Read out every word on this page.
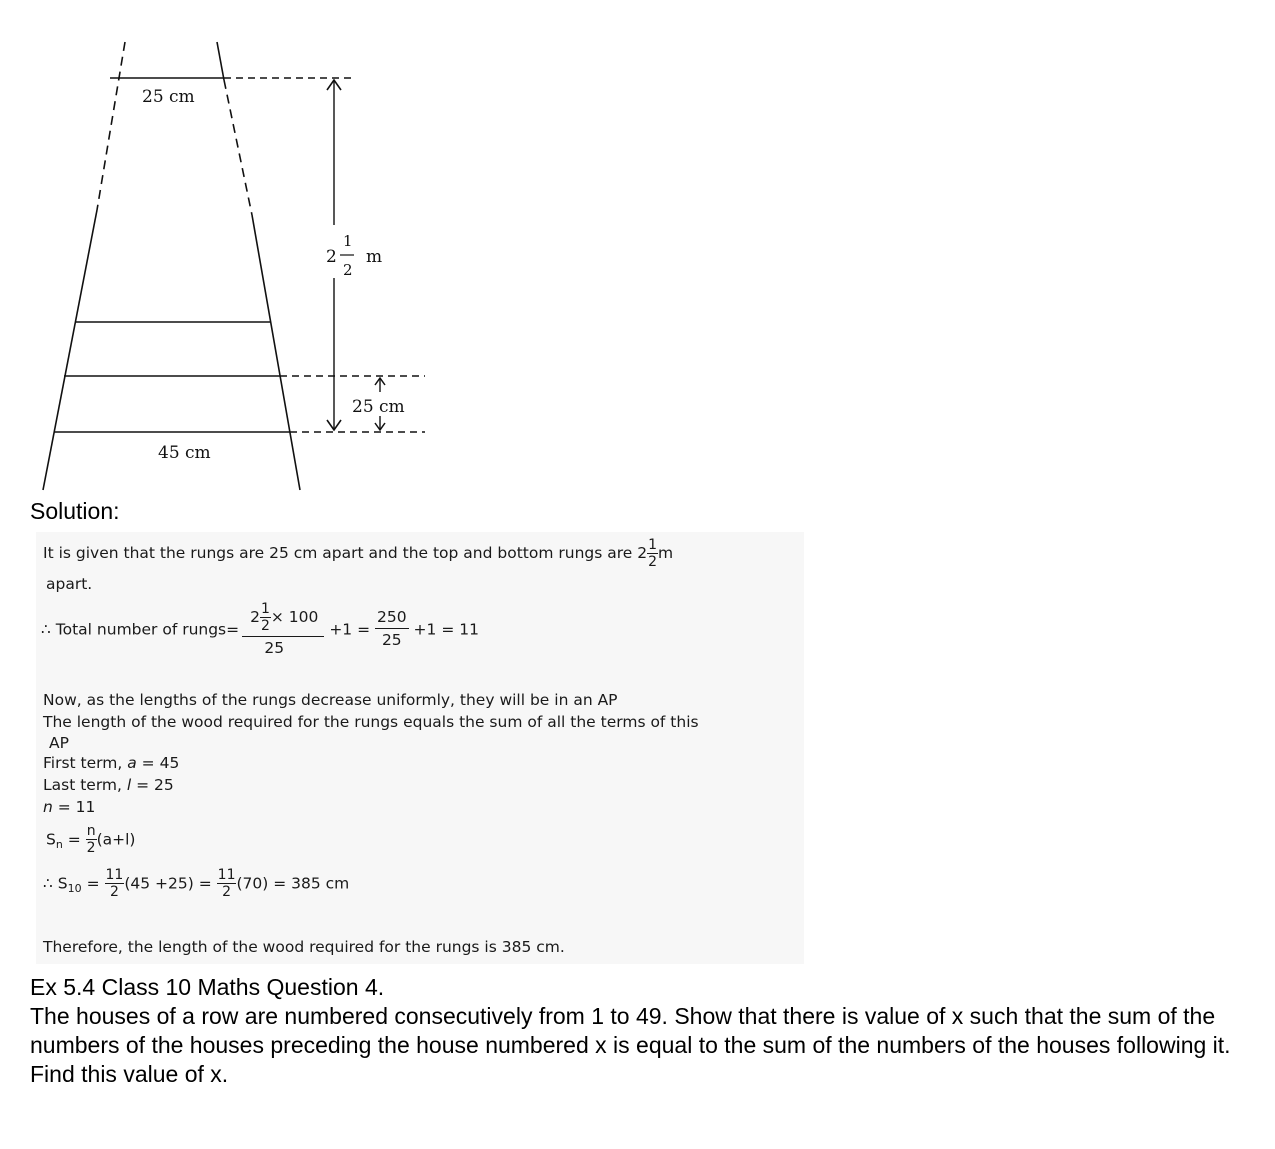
25 cm
45 cm
2
1
2
m
25 cm
Solution:
It is given that the rungs are 25 cm apart and the top and bottom rungs are $2 \frac{1}{2}$ m
apart.
∴ Total number of rungs= $\frac{2 \frac{1}{2} \times 100}{25} +1 = \frac{250}{25} +1 = 11$
Now, as the lengths of the rungs decrease uniformly, they will be in an AP
The length of the wood required for the rungs equals the sum of all the terms of this
AP
First term, a = 45
Last term, l = 25
n = 11
$S_n = \frac{n}{2} (a+l)$
∴ $S_{10} = \frac{11}{2} (45 +25) = \frac{11}{2} (70) = 385$ cm
Therefore, the length of the wood required for the rungs is 385 cm.
Ex 5.4 Class 10 Maths Question 4.
The houses of a row are numbered consecutively from 1 to 49. Show that there is value of x such that the sum of the numbers of the houses preceding the house numbered x is equal to the sum of the numbers of the houses following it. Find this value of x.
